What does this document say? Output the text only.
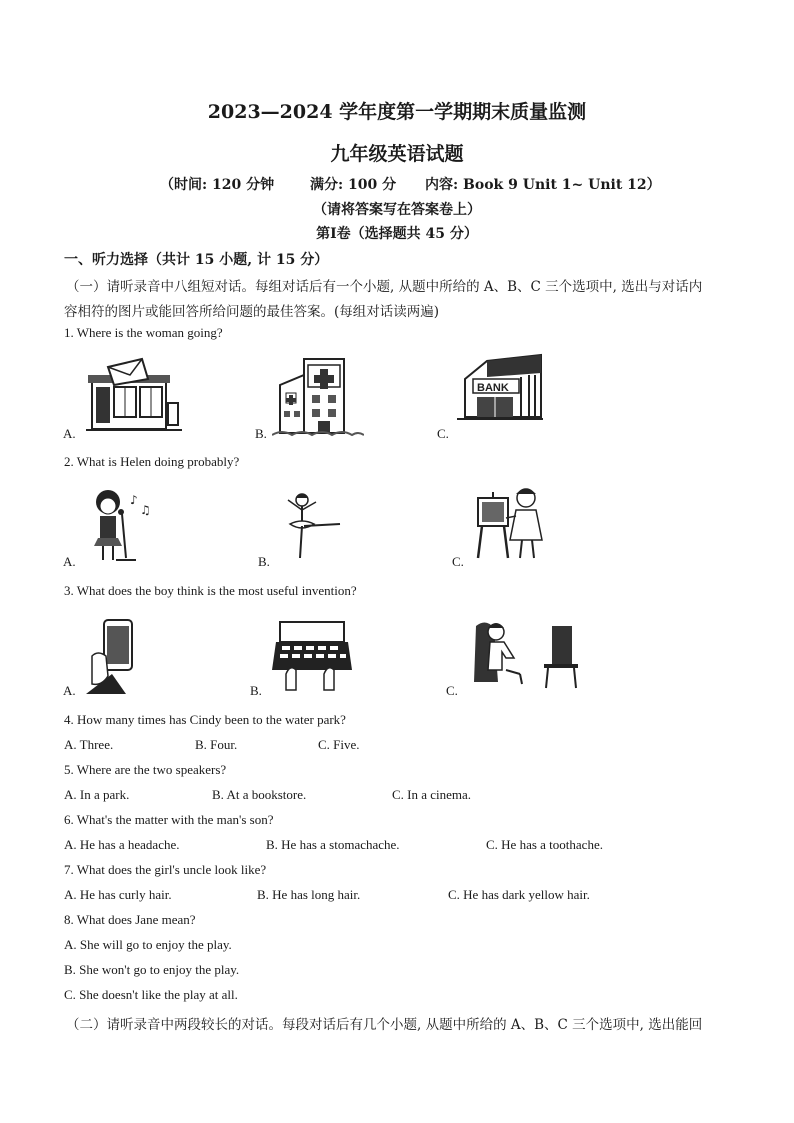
2023—2024 学年度第一学期期末质量监测
九年级英语试题
（时间: 120 分钟	满分: 100 分 内容: Book 9 Unit 1~ Unit 12）
（请将答案写在答案卷上）
第Ⅰ卷（选择题共 45 分）
一、听力选择（共计 15 小题, 计 15 分）
（一）请听录音中八组短对话。每组对话后有一个小题, 从题中所给的 A、B、C 三个选项中, 选出与对话内
容相符的图片或能回答所给问题的最佳答案。(每组对话读两遍)
1. Where is the woman going?
A.	B.	C.
BANK
2. What is Helen doing probably?
A.	B.	C.
♪
♫
3. What does the boy think is the most useful invention?
A.	B.	C.
4. How many times has Cindy been to the water park?
A. Three.	B. Four.	C. Five.
5. Where are the two speakers?
A. In a park.	B. At a bookstore.	C. In a cinema.
6. What's the matter with the man's son?
A. He has a headache.	B. He has a stomachache.	C. He has a toothache.
7. What does the girl's uncle look like?
A. He has curly hair.	B. He has long hair.	C. He has dark yellow hair.
8. What does Jane mean?
A. She will go to enjoy the play.
B. She won't go to enjoy the play.
C. She doesn't like the play at all.
（二）请听录音中两段较长的对话。每段对话后有几个小题, 从题中所给的 A、B、C 三个选项中, 选出能回
